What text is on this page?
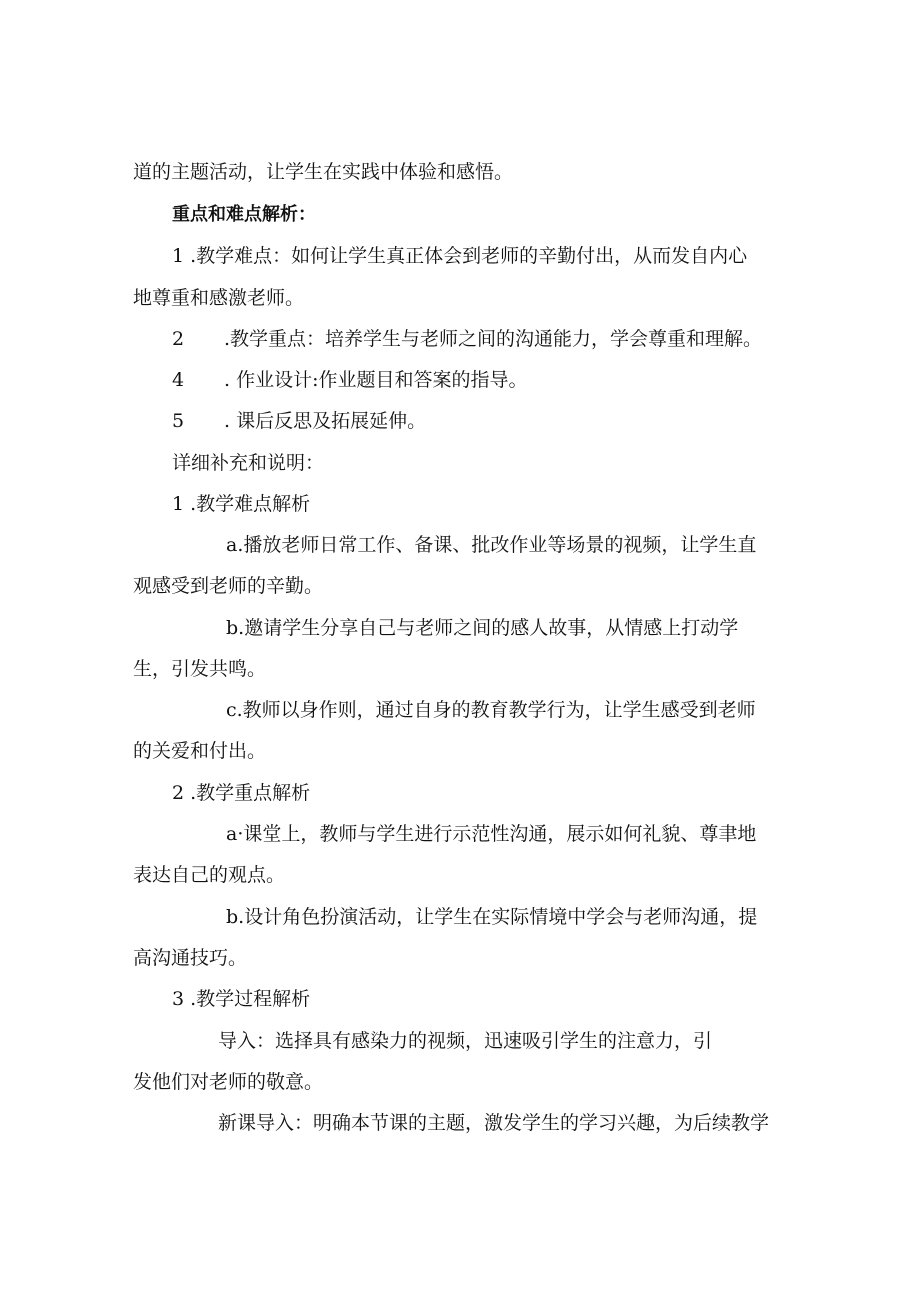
道的主题活动，让学生在实践中体验和感悟。
重点和难点解析：
1 .教学难点：如何让学生真正体会到老师的辛勤付出，从而发自内心
地尊重和感激老师。
2 .教学重点：培养学生与老师之间的沟通能力，学会尊重和理解。
4 . 作业设计:作业题目和答案的指导。
5 . 课后反思及拓展延伸。
详细补充和说明：
1 .教学难点解析
a.播放老师日常工作、备课、批改作业等场景的视频，让学生直
观感受到老师的辛勤。
b.邀请学生分享自己与老师之间的感人故事，从情感上打动学
生，引发共鸣。
c.教师以身作则，通过自身的教育教学行为，让学生感受到老师
的关爱和付出。
2 .教学重点解析
a·课堂上，教师与学生进行示范性沟通，展示如何礼貌、尊聿地
表达自己的观点。
b.设计角色扮演活动，让学生在实际情境中学会与老师沟通，提
高沟通技巧。
3 .教学过程解析
导入：选择具有感染力的视频，迅速吸引学生的注意力，引
发他们对老师的敬意。
新课导入：明确本节课的主题，激发学生的学习兴趣，为后续教学
